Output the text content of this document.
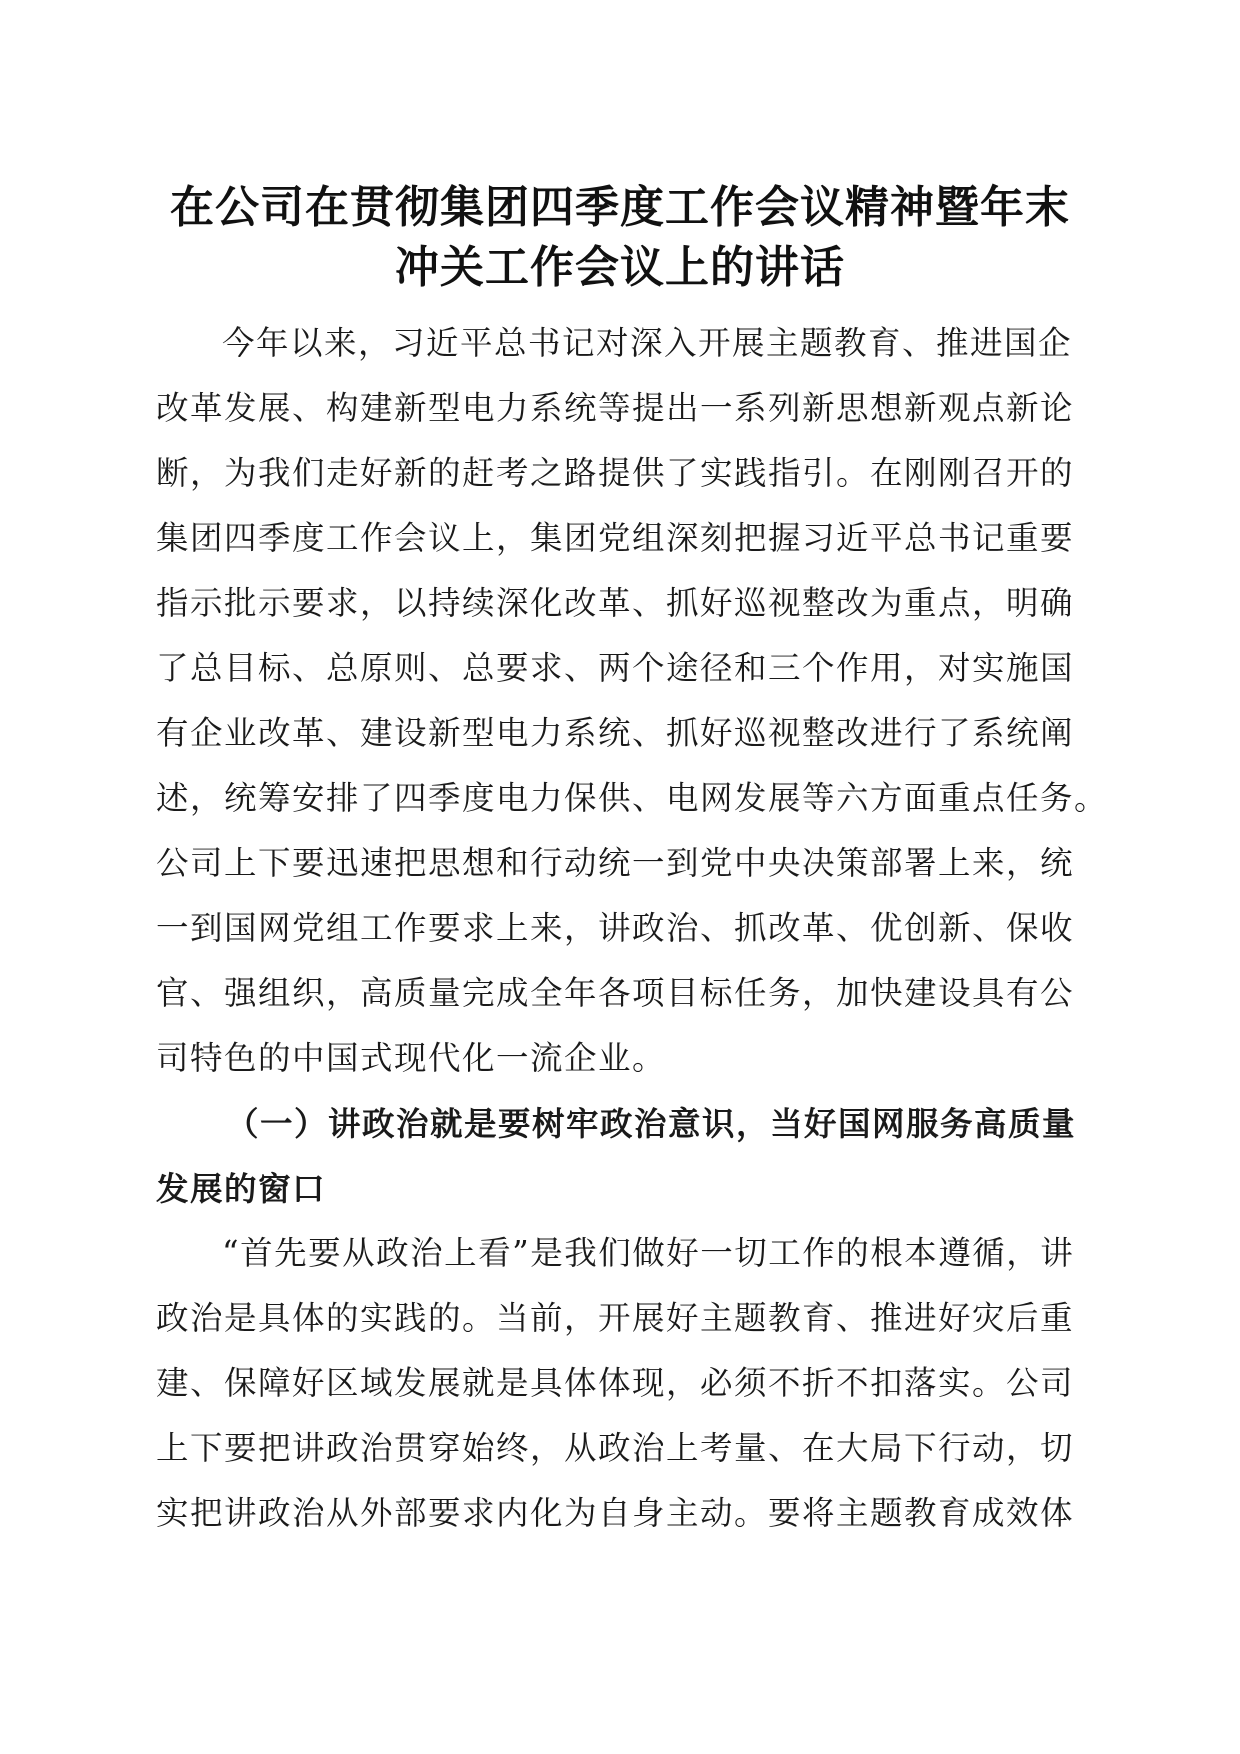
在公司在贯彻集团四季度工作会议精神暨年末
冲关工作会议上的讲话

今年以来，习近平总书记对深入开展主题教育、推进国企
改革发展、构建新型电力系统等提出一系列新思想新观点新论
断，为我们走好新的赶考之路提供了实践指引。在刚刚召开的
集团四季度工作会议上，集团党组深刻把握习近平总书记重要
指示批示要求，以持续深化改革、抓好巡视整改为重点，明确
了总目标、总原则、总要求、两个途径和三个作用，对实施国
有企业改革、建设新型电力系统、抓好巡视整改进行了系统阐
述，统筹安排了四季度电力保供、电网发展等六方面重点任务。
公司上下要迅速把思想和行动统一到党中央决策部署上来，统
一到国网党组工作要求上来，讲政治、抓改革、优创新、保收
官、强组织，高质量完成全年各项目标任务，加快建设具有公
司特色的中国式现代化一流企业。

（一）讲政治就是要树牢政治意识，当好国网服务高质量
发展的窗口

“首先要从政治上看”是我们做好一切工作的根本遵循，讲
政治是具体的实践的。当前，开展好主题教育、推进好灾后重
建、保障好区域发展就是具体体现，必须不折不扣落实。公司
上下要把讲政治贯穿始终，从政治上考量、在大局下行动，切
实把讲政治从外部要求内化为自身主动。要将主题教育成效体
